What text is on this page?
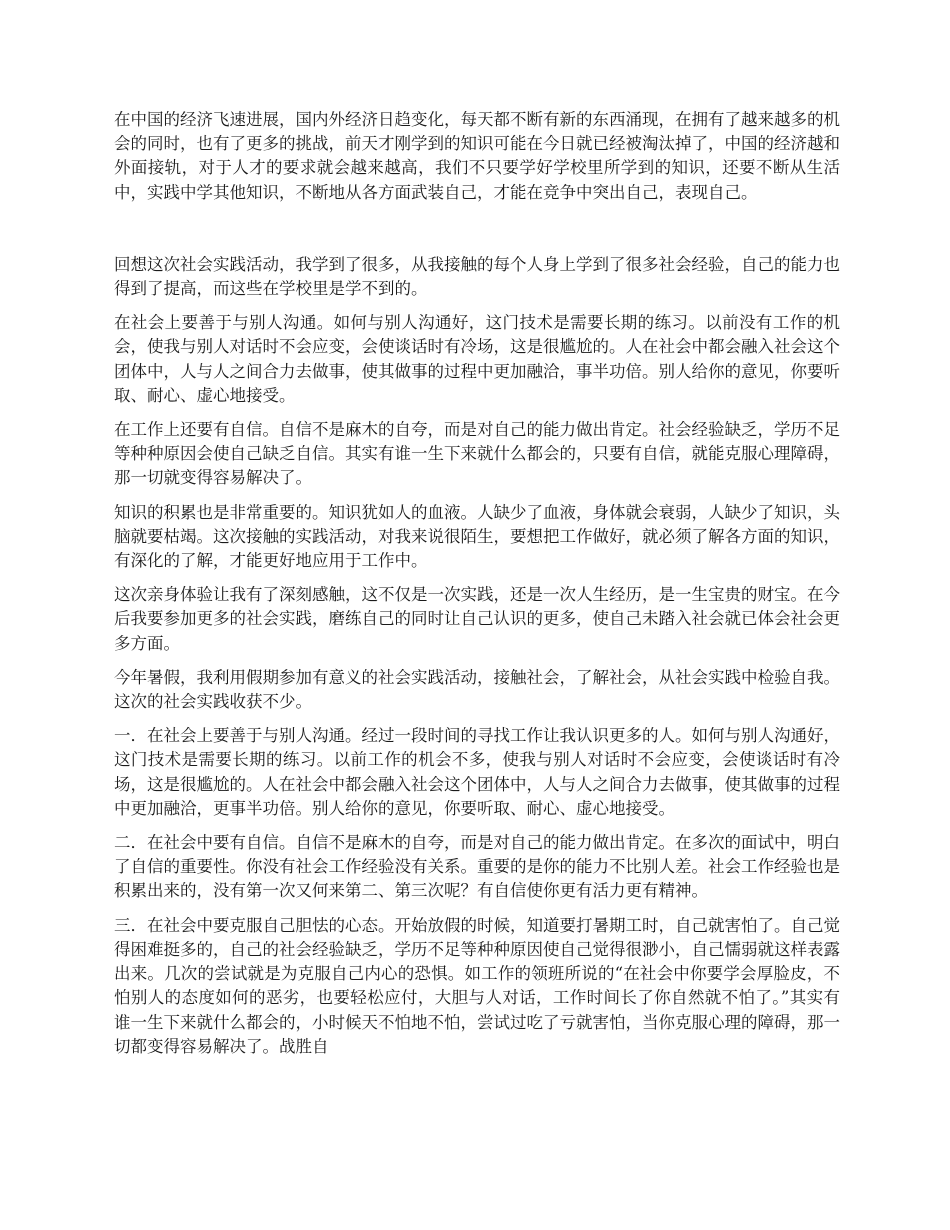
在中国的经济飞速进展，国内外经济日趋变化，每天都不断有新的东西涌现，在拥有了越来越多的机会的同时，也有了更多的挑战，前天才刚学到的知识可能在今日就已经被淘汰掉了，中国的经济越和外面接轨，对于人才的要求就会越来越高，我们不只要学好学校里所学到的知识，还要不断从生活中，实践中学其他知识，不断地从各方面武装自己，才能在竞争中突出自己，表现自己。

回想这次社会实践活动，我学到了很多，从我接触的每个人身上学到了很多社会经验，自己的能力也得到了提高，而这些在学校里是学不到的。

在社会上要善于与别人沟通。如何与别人沟通好，这门技术是需要长期的练习。以前没有工作的机会，使我与别人对话时不会应变，会使谈话时有冷场，这是很尴尬的。人在社会中都会融入社会这个团体中，人与人之间合力去做事，使其做事的过程中更加融洽，事半功倍。别人给你的意见，你要听取、耐心、虚心地接受。

在工作上还要有自信。自信不是麻木的自夸，而是对自己的能力做出肯定。社会经验缺乏，学历不足等种种原因会使自己缺乏自信。其实有谁一生下来就什么都会的，只要有自信，就能克服心理障碍，那一切就变得容易解决了。

知识的积累也是非常重要的。知识犹如人的血液。人缺少了血液，身体就会衰弱，人缺少了知识，头脑就要枯竭。这次接触的实践活动，对我来说很陌生，要想把工作做好，就必须了解各方面的知识，有深化的了解，才能更好地应用于工作中。

这次亲身体验让我有了深刻感触，这不仅是一次实践，还是一次人生经历，是一生宝贵的财宝。在今后我要参加更多的社会实践，磨练自己的同时让自己认识的更多，使自己未踏入社会就已体会社会更多方面。

今年暑假，我利用假期参加有意义的社会实践活动，接触社会，了解社会，从社会实践中检验自我。这次的社会实践收获不少。

一．在社会上要善于与别人沟通。经过一段时间的寻找工作让我认识更多的人。如何与别人沟通好，这门技术是需要长期的练习。以前工作的机会不多，使我与别人对话时不会应变，会使谈话时有冷场，这是很尴尬的。人在社会中都会融入社会这个团体中，人与人之间合力去做事，使其做事的过程中更加融洽，更事半功倍。别人给你的意见，你要听取、耐心、虚心地接受。

二．在社会中要有自信。自信不是麻木的自夸，而是对自己的能力做出肯定。在多次的面试中，明白了自信的重要性。你没有社会工作经验没有关系。重要的是你的能力不比别人差。社会工作经验也是积累出来的，没有第一次又何来第二、第三次呢？有自信使你更有活力更有精神。

三．在社会中要克服自己胆怯的心态。开始放假的时候，知道要打暑期工时，自己就害怕了。自己觉得困难挺多的，自己的社会经验缺乏，学历不足等种种原因使自己觉得很渺小，自己懦弱就这样表露出来。几次的尝试就是为克服自己内心的恐惧。如工作的领班所说的“在社会中你要学会厚脸皮，不怕别人的态度如何的恶劣，也要轻松应付，大胆与人对话，工作时间长了你自然就不怕了。”其实有谁一生下来就什么都会的，小时候天不怕地不怕，尝试过吃了亏就害怕，当你克服心理的障碍，那一切都变得容易解决了。战胜自
